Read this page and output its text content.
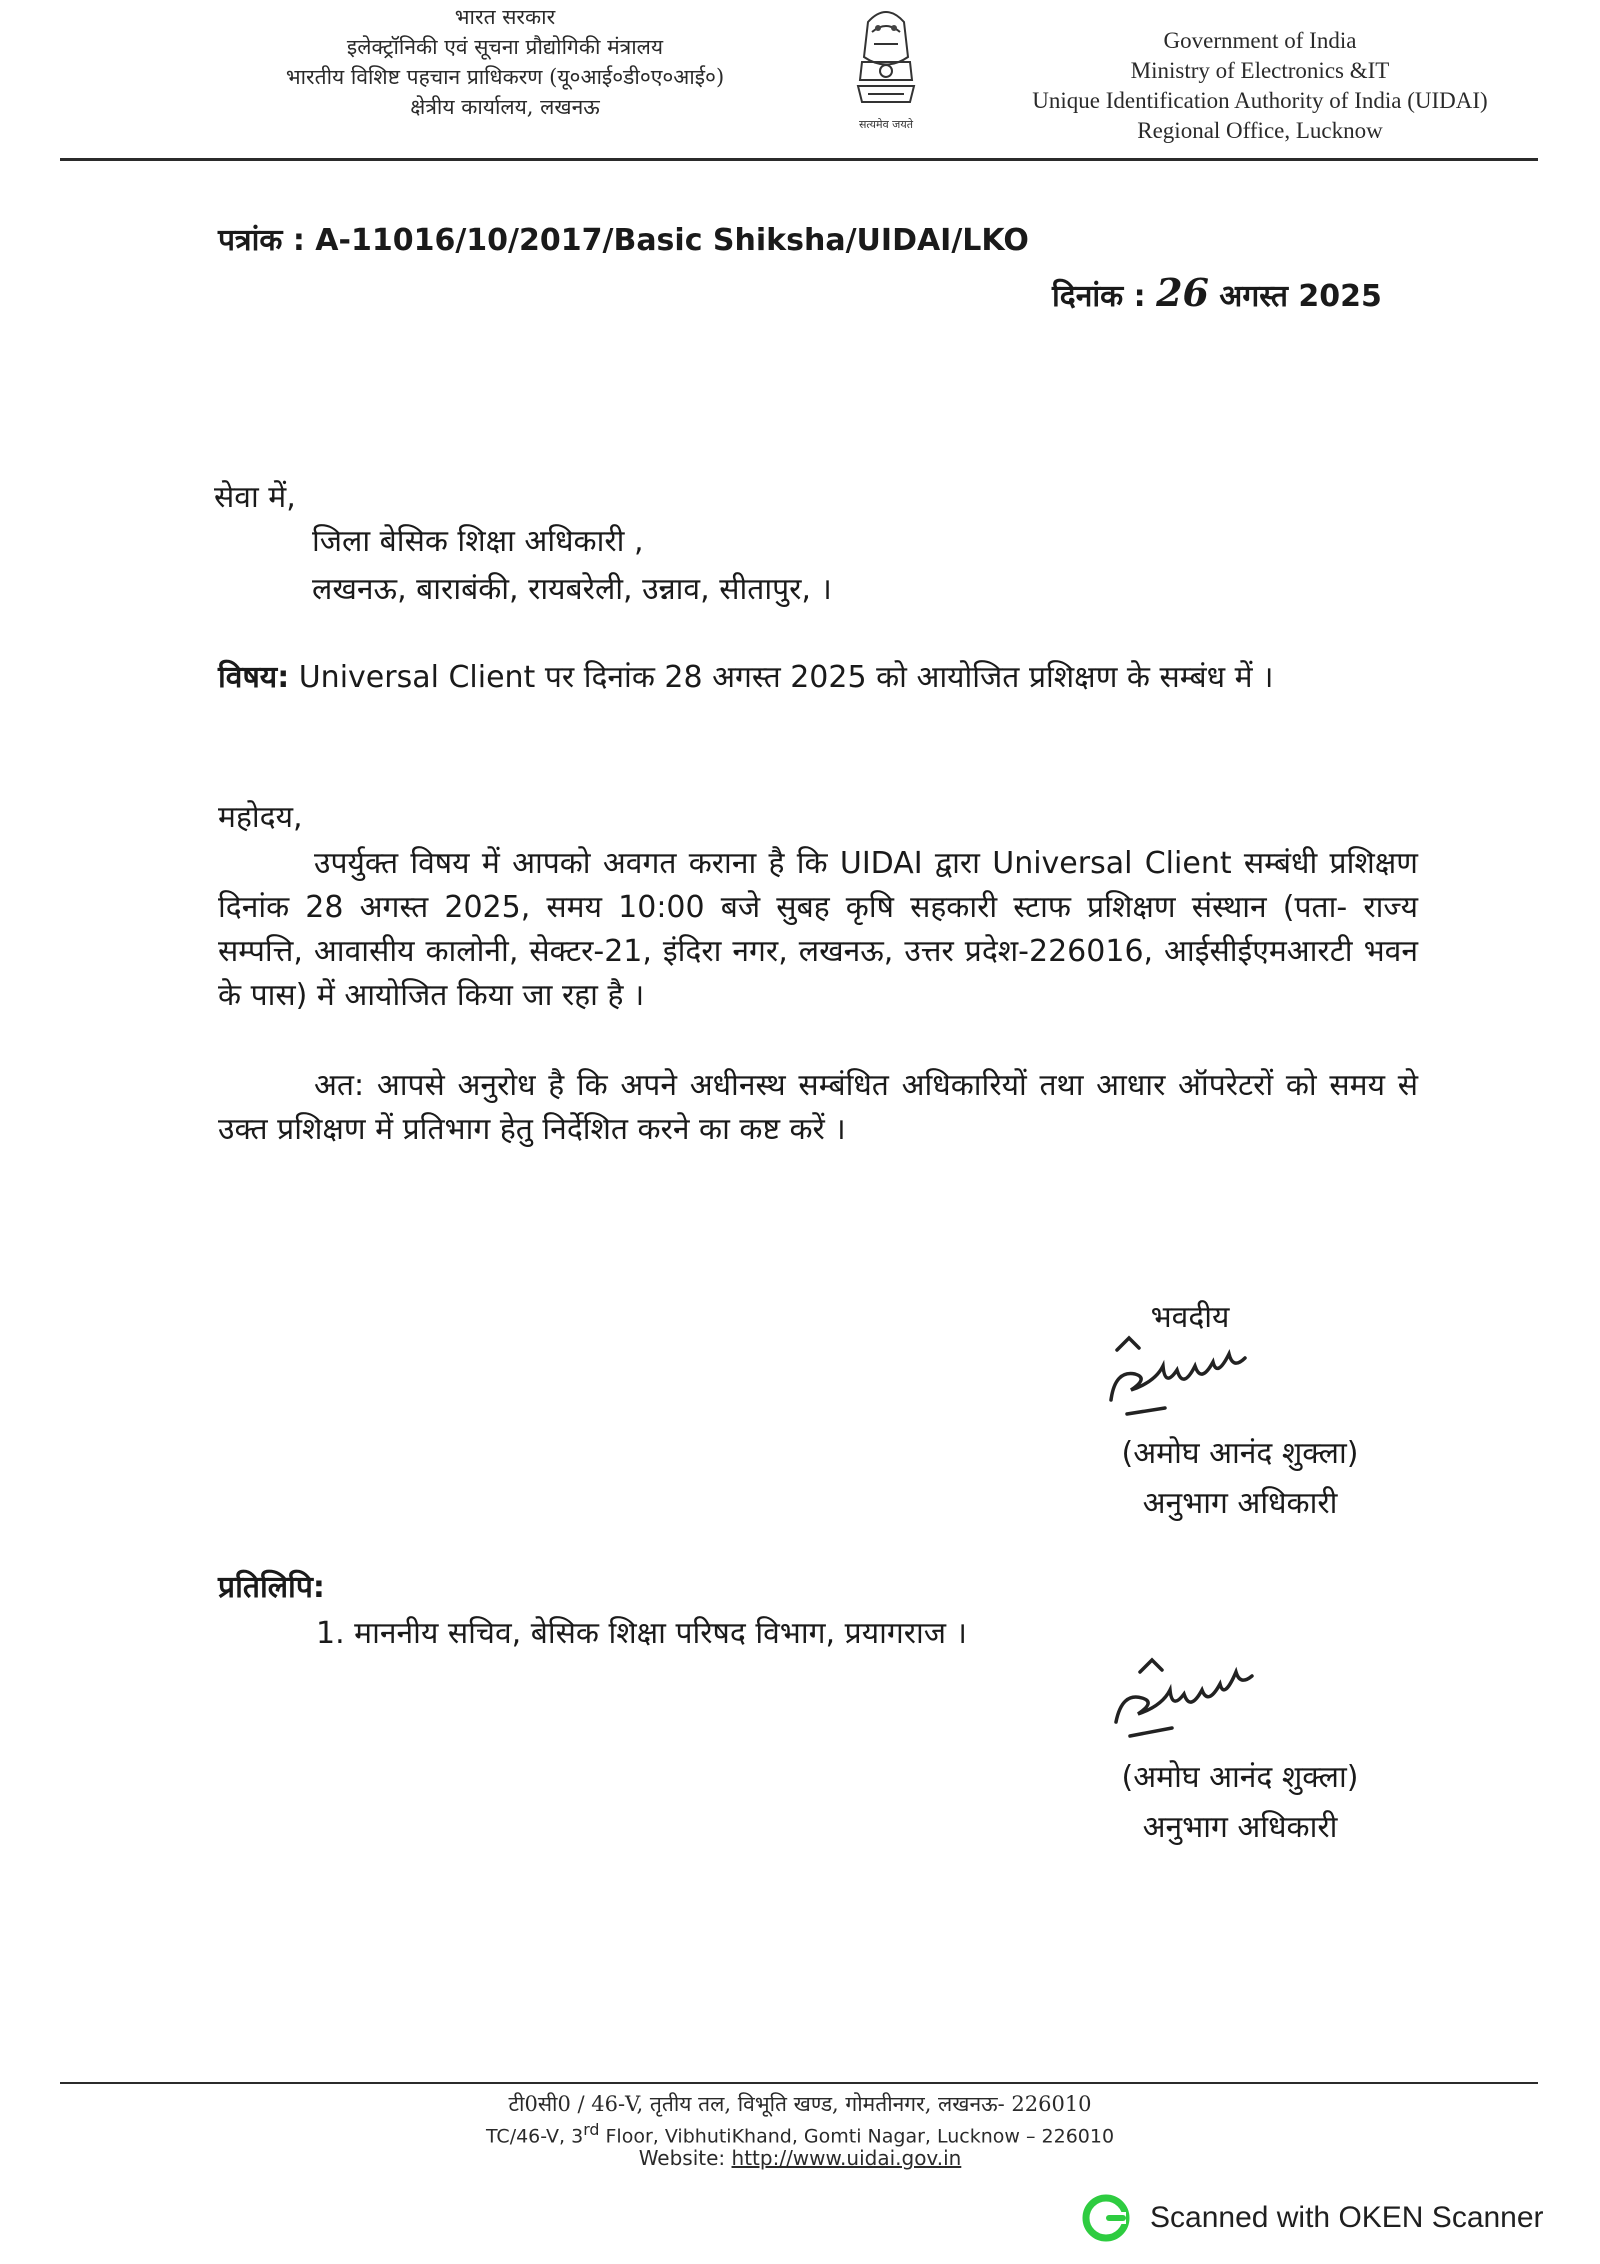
भारत सरकार
इलेक्ट्रॉनिकी एवं सूचना प्रौद्योगिकी मंत्रालय
भारतीय विशिष्ट पहचान प्राधिकरण (यू०आई०डी०ए०आई०)
क्षेत्रीय कार्यालय, लखनऊ
सत्यमेव जयते
Government of India
Ministry of Electronics &IT
Unique Identification Authority of India (UIDAI)
Regional Office, Lucknow
पत्रांक : A-11016/10/2017/Basic Shiksha/UIDAI/LKO
दिनांक : 26 अगस्त 2025
सेवा में,
जिला बेसिक शिक्षा अधिकारी ,
लखनऊ, बाराबंकी, रायबरेली, उन्नाव, सीतापुर, ।
विषय: Universal Client पर दिनांक 28 अगस्त 2025 को आयोजित प्रशिक्षण के सम्बंध में ।
महोदय,
उपर्युक्त विषय में आपको अवगत कराना है कि UIDAI द्वारा Universal Client सम्बंधी प्रशिक्षण दिनांक 28 अगस्त 2025, समय 10:00 बजे सुबह कृषि सहकारी स्टाफ प्रशिक्षण संस्थान (पता- राज्य सम्पत्ति, आवासीय कालोनी, सेक्टर-21, इंदिरा नगर, लखनऊ, उत्तर प्रदेश-226016, आईसीईएमआरटी भवन के पास) में आयोजित किया जा रहा है ।
अत: आपसे अनुरोध है कि अपने अधीनस्थ सम्बंधित अधिकारियों तथा आधार ऑपरेटरों को समय से उक्त प्रशिक्षण में प्रतिभाग हेतु निर्देशित करने का कष्ट करें ।
भवदीय
(अमोघ आनंद शुक्ला)
अनुभाग अधिकारी
प्रतिलिपि:
1. माननीय सचिव, बेसिक शिक्षा परिषद विभाग, प्रयागराज ।
(अमोघ आनंद शुक्ला)
अनुभाग अधिकारी
टी0सी0 / 46-V, तृतीय तल, विभूति खण्ड, गोमतीनगर, लखनऊ- 226010
TC/46-V, 3rd Floor, VibhutiKhand, Gomti Nagar, Lucknow – 226010
Website: http://www.uidai.gov.in
Scanned with OKEN Scanner
